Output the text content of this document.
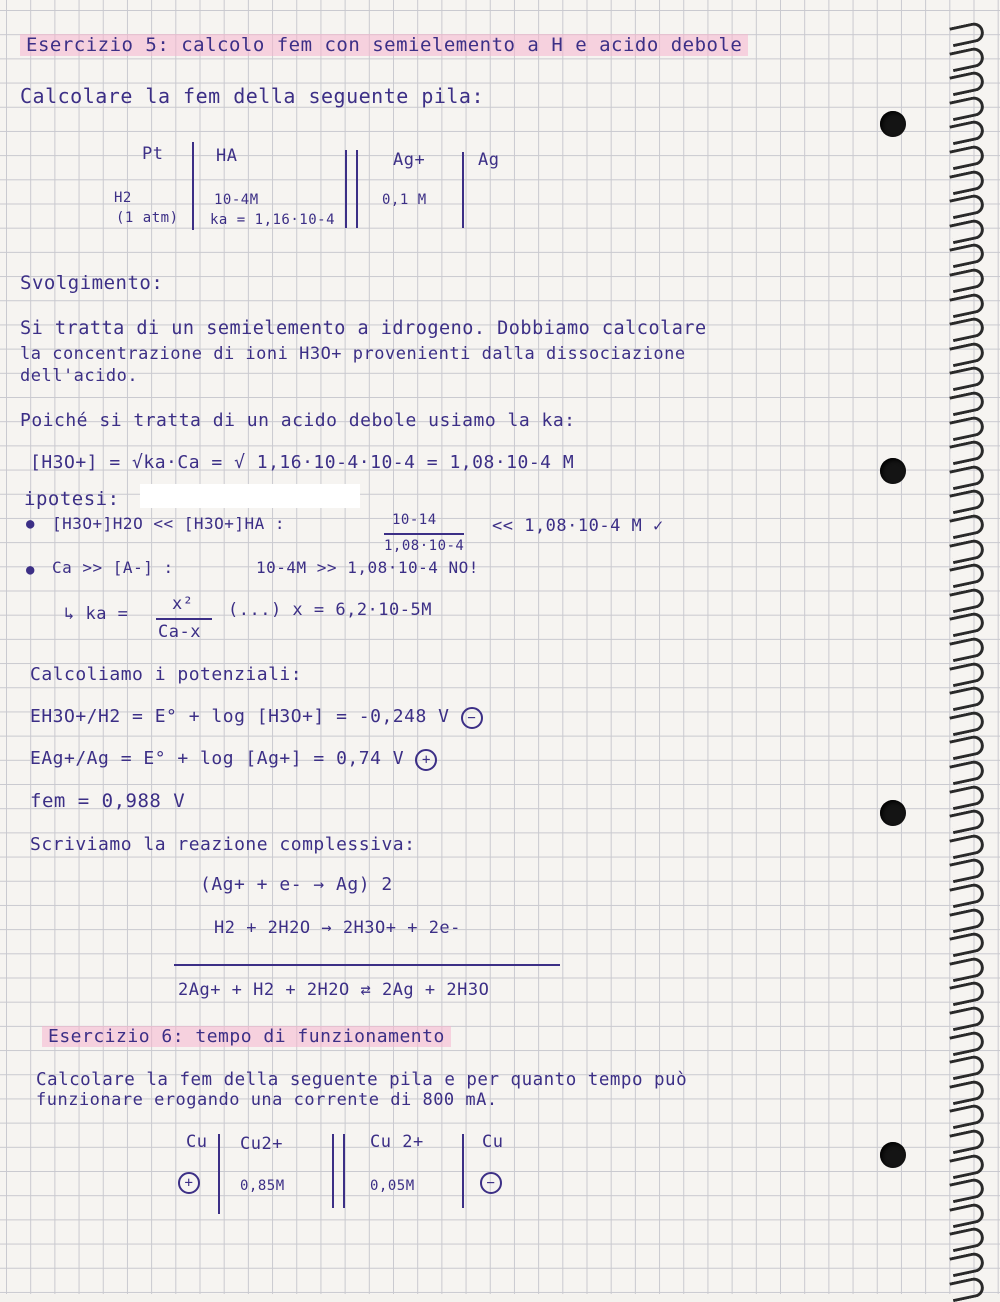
Esercizio 5: calcolo fem con semielemento a H e acido debole
Calcolare la fem della seguente pila:
Pt
H2
(1 atm)
HA
10-4M
ka = 1,16·10-4
Ag+
0,1 M
Ag
Svolgimento:
Si tratta di un semielemento a idrogeno. Dobbiamo calcolare
la concentrazione di ioni H3O+ provenienti dalla dissociazione
dell'acido.
Poiché si tratta di un acido debole usiamo la ka:
[H3O+] = √ka·Ca = √ 1,16·10-4·10-4 = 1,08·10-4 M
ipotesi:
● [H3O+]H2O << [H3O+]HA :	10-14
1,08·10-4
<< 1,08·10-4 M ✓
● Ca >> [A-] :	10-4M >> 1,08·10-4 NO!
↳ ka =	x²
Ca-x
(...) x = 6,2·10-5M
Calcoliamo i potenziali:
EH3O+/H2 = E° + log [H3O+] = -0,248 V −
EAg+/Ag = E° + log [Ag+] = 0,74 V +
fem = 0,988 V
Scriviamo la reazione complessiva:
(Ag+ + e- → Ag) 2
H2 + 2H2O → 2H3O+ + 2e-
2Ag+ + H2 + 2H2O ⇄ 2Ag + 2H3O
Esercizio 6: tempo di funzionamento
Calcolare la fem della seguente pila e per quanto tempo può
funzionare erogando una corrente di 800 mA.
Cu
+
Cu2+
0,85M
Cu 2+
0,05M
Cu
−
